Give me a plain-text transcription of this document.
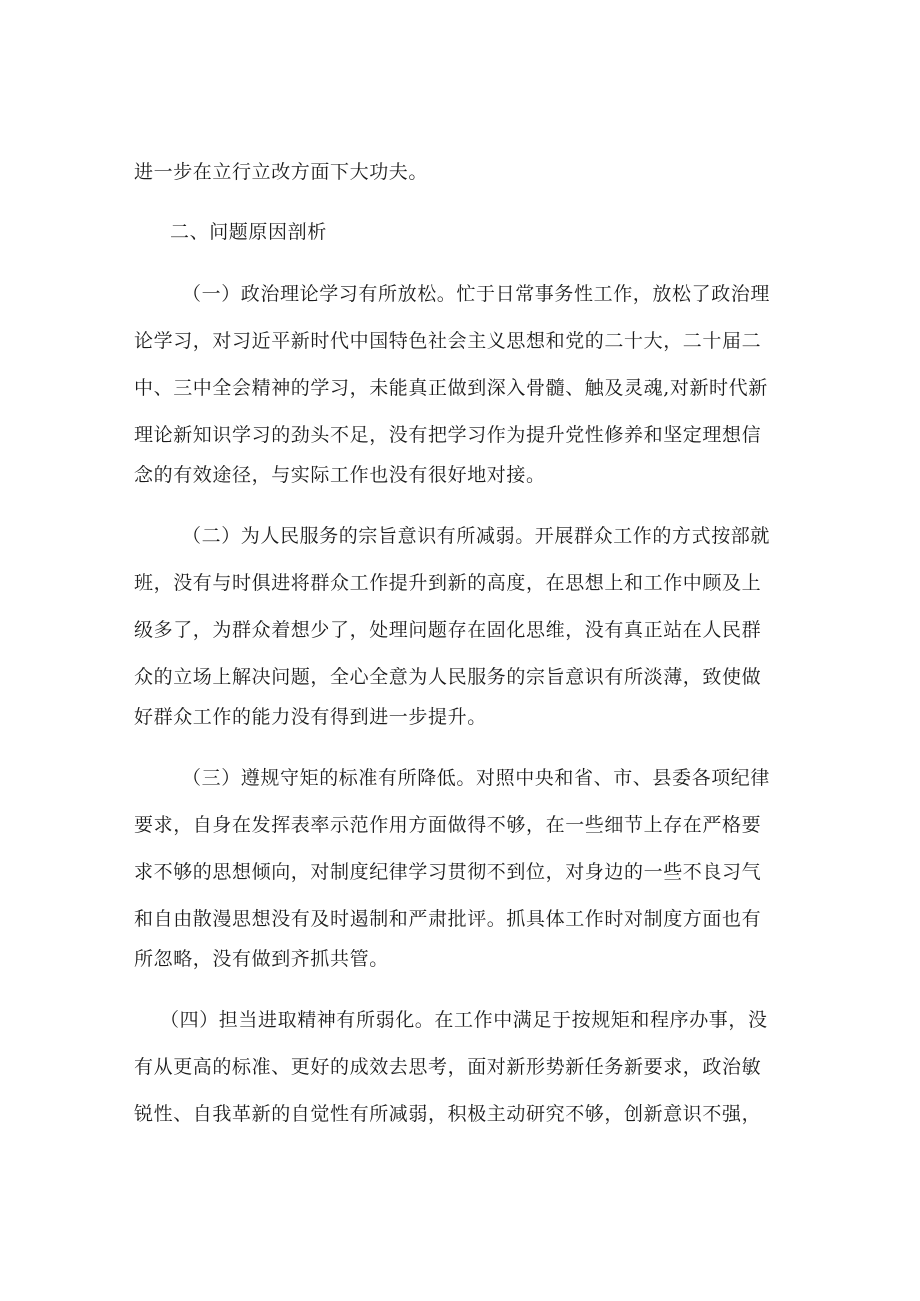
进一步在立行立改方面下大功夫。
二、问题原因剖析
（一）政治理论学习有所放松。忙于日常事务性工作，放松了政治理
论学习，对习近平新时代中国特色社会主义思想和党的二十大，二十届二
中、三中全会精神的学习，未能真正做到深入骨髓、触及灵魂,对新时代新
理论新知识学习的劲头不足，没有把学习作为提升党性修养和坚定理想信
念的有效途径，与实际工作也没有很好地对接。
（二）为人民服务的宗旨意识有所减弱。开展群众工作的方式按部就
班，没有与时俱进将群众工作提升到新的高度，在思想上和工作中顾及上
级多了，为群众着想少了，处理问题存在固化思维，没有真正站在人民群
众的立场上解决问题，全心全意为人民服务的宗旨意识有所淡薄，致使做
好群众工作的能力没有得到进一步提升。
（三）遵规守矩的标准有所降低。对照中央和省、市、县委各项纪律
要求，自身在发挥表率示范作用方面做得不够，在一些细节上存在严格要
求不够的思想倾向，对制度纪律学习贯彻不到位，对身边的一些不良习气
和自由散漫思想没有及时遏制和严肃批评。抓具体工作时对制度方面也有
所忽略，没有做到齐抓共管。
（四）担当进取精神有所弱化。在工作中满足于按规矩和程序办事，没
有从更高的标准、更好的成效去思考，面对新形势新任务新要求，政治敏
锐性、自我革新的自觉性有所减弱，积极主动研究不够，创新意识不强，
